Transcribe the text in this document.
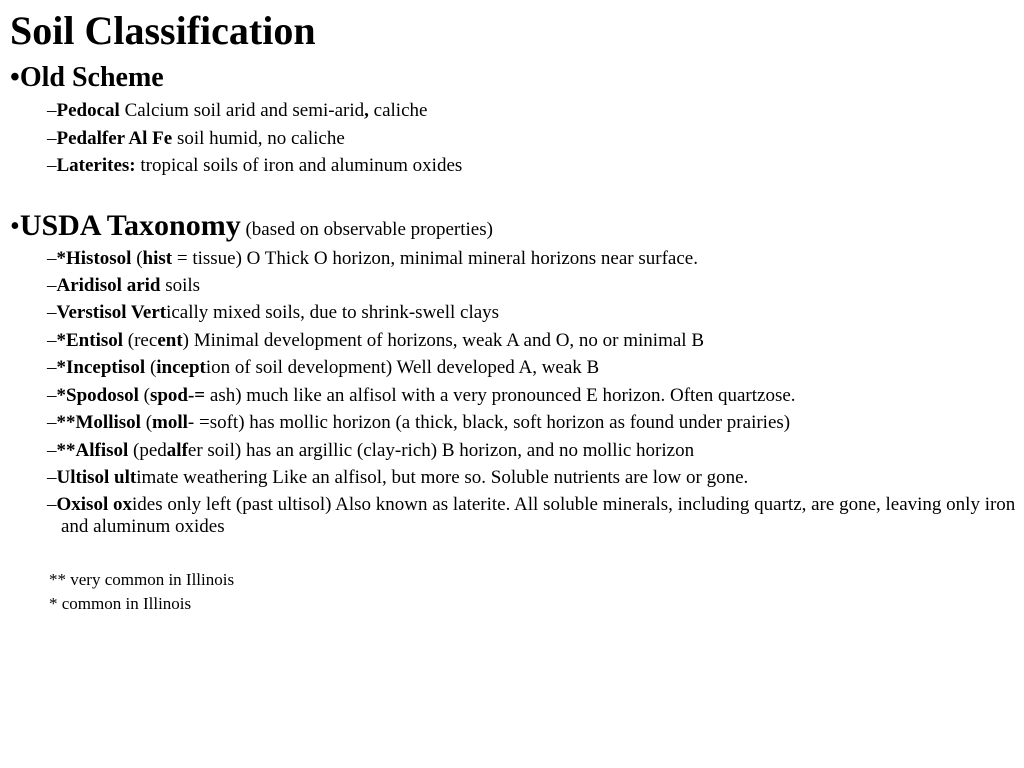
Soil Classification
•Old Scheme
–Pedocal Calcium soil arid and semi-arid, caliche
–Pedalfer Al Fe soil humid, no caliche
–Laterites: tropical soils of iron and aluminum oxides
•USDA Taxonomy (based on observable properties)
–*Histosol (hist = tissue) O Thick O horizon, minimal mineral horizons near surface.
–Aridisol arid soils
–Verstisol Vertically mixed soils, due to shrink-swell clays
–*Entisol (recent) Minimal development of horizons, weak A and O, no or minimal B
–*Inceptisol (inception of soil development) Well developed A, weak B
–*Spodosol (spod-= ash) much like an alfisol with a very pronounced E horizon. Often quartzose.
–**Mollisol (moll- =soft) has mollic horizon (a thick, black, soft horizon as found under prairies)
–**Alfisol (pedalfer soil) has an argillic (clay-rich) B horizon, and no mollic horizon
–Ultisol ultimate weathering Like an alfisol, but more so. Soluble nutrients are low or gone.
–Oxisol oxides only left (past ultisol) Also known as laterite. All soluble minerals, including quartz, are gone, leaving only iron and aluminum oxides
** very common in Illinois
* common in Illinois
